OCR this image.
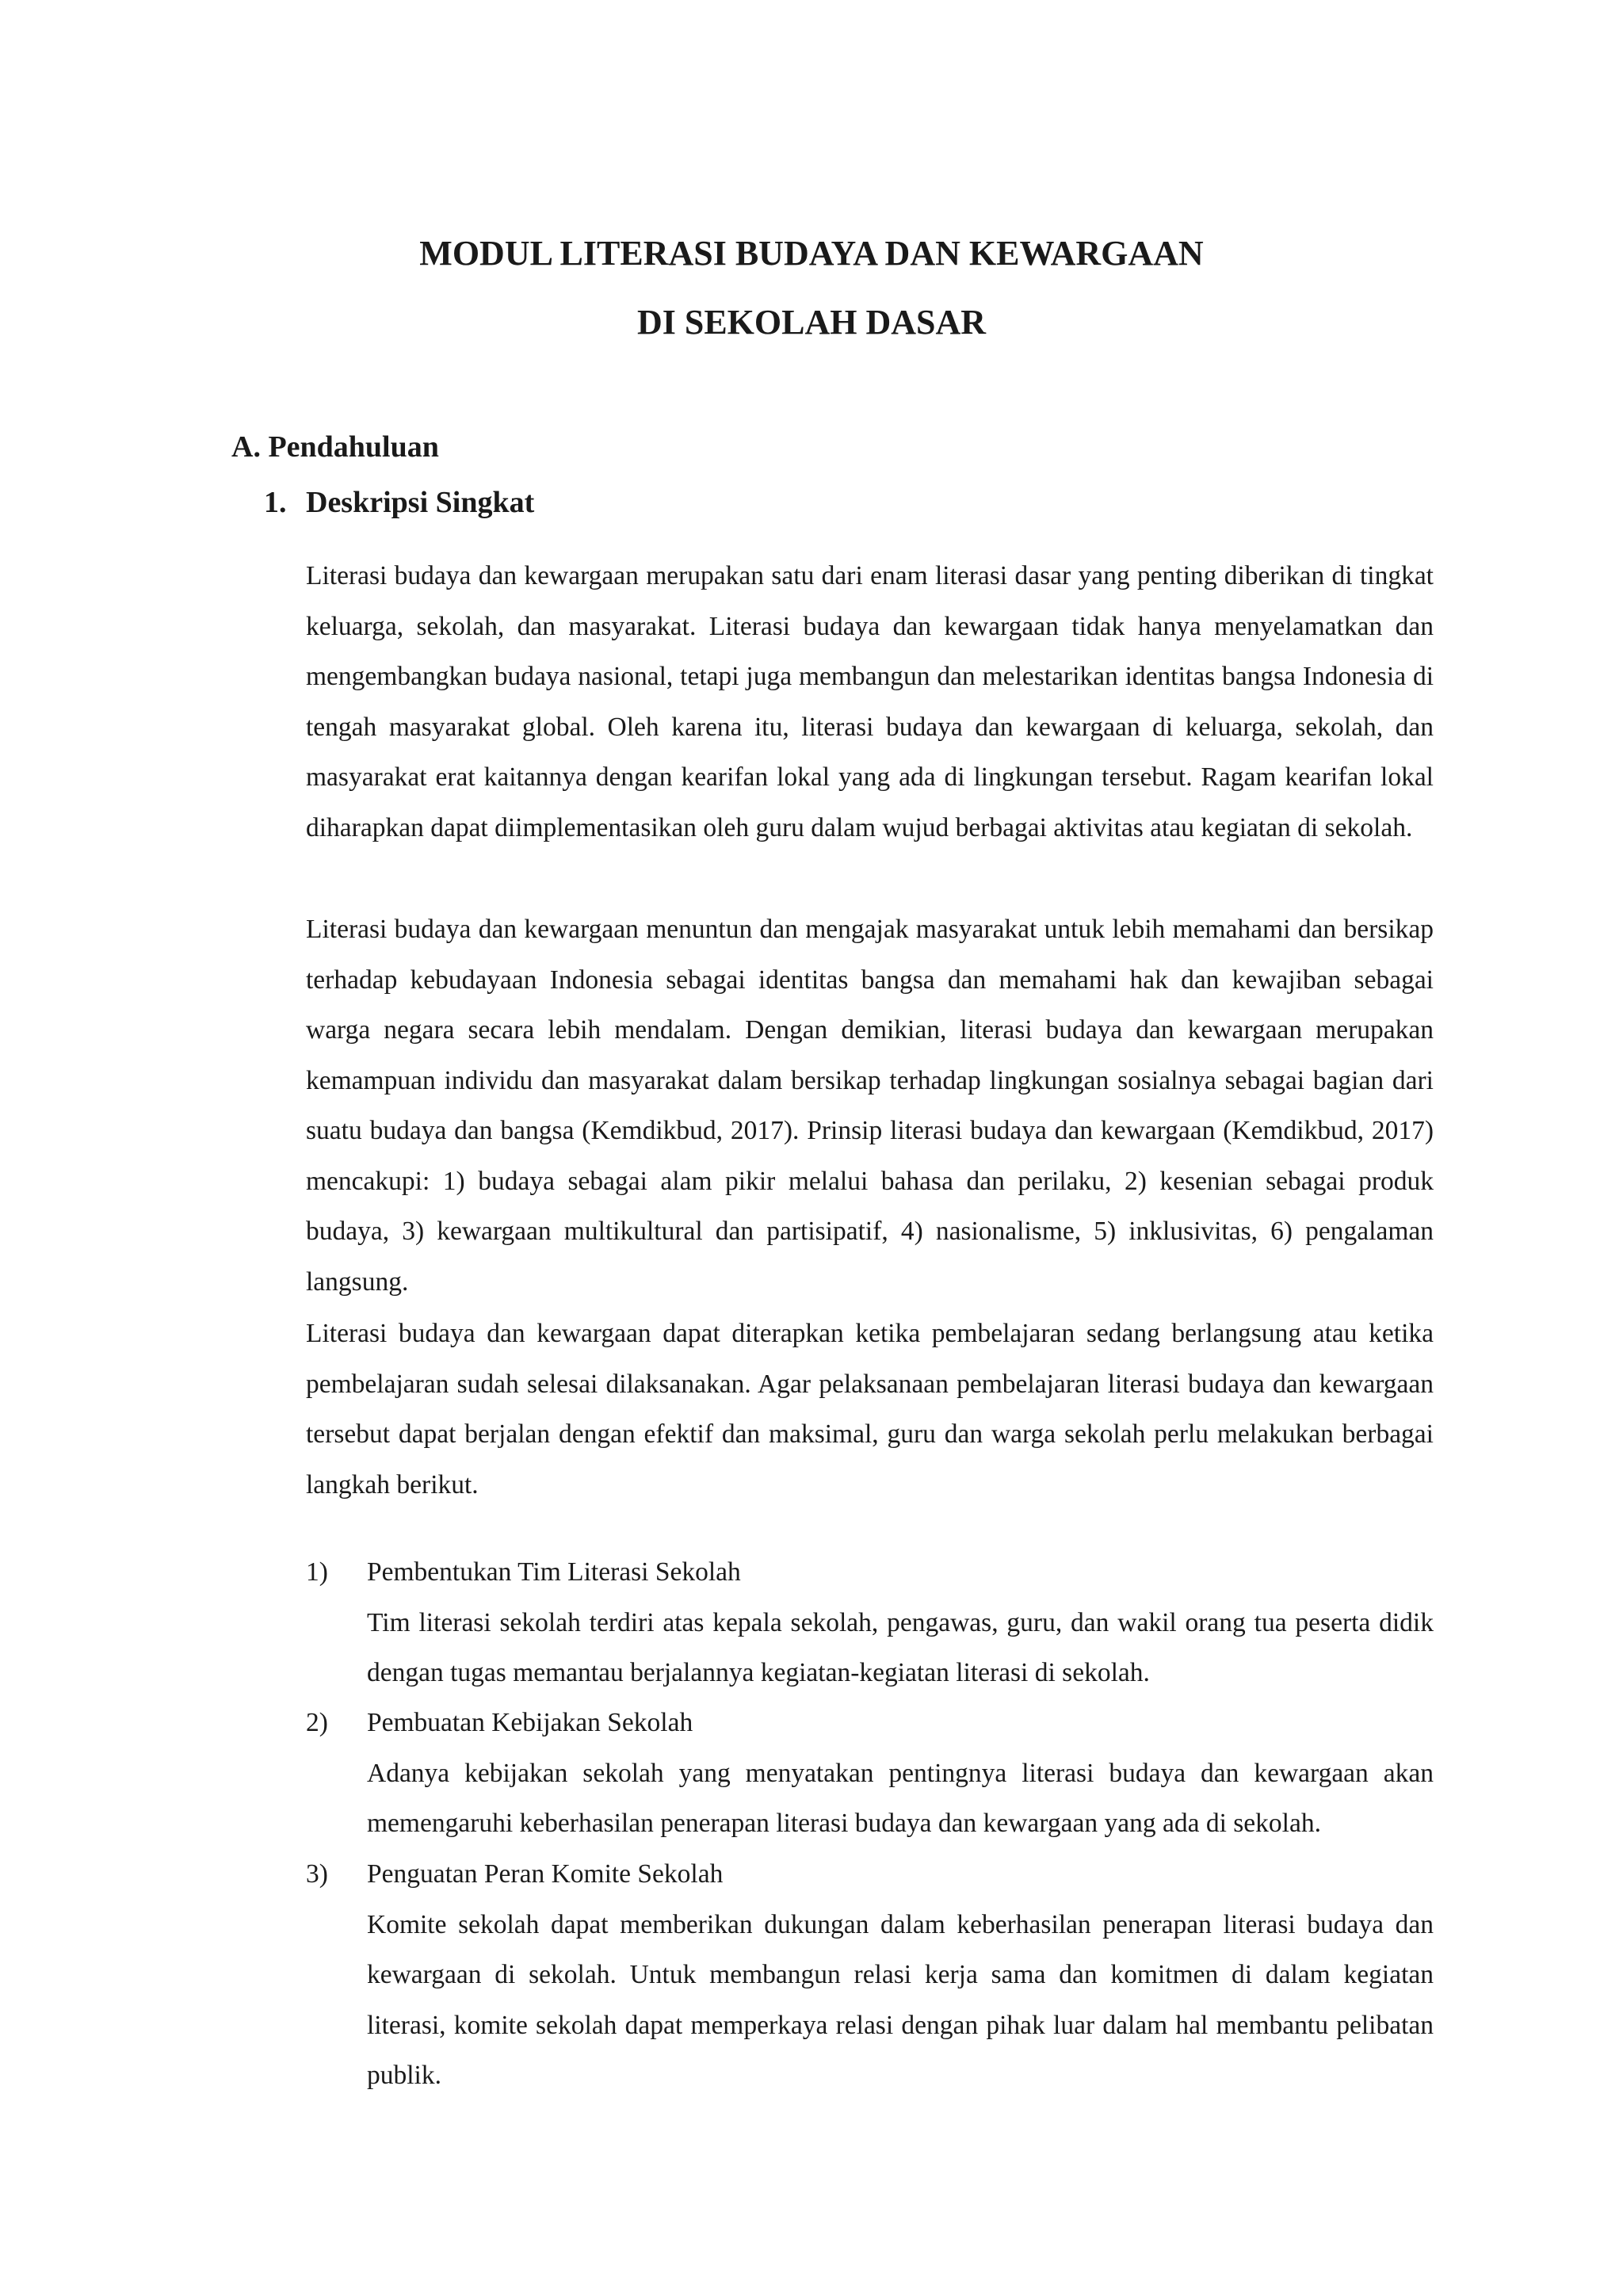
MODUL LITERASI BUDAYA DAN KEWARGAAN
DI SEKOLAH DASAR
A. Pendahuluan
1. Deskripsi Singkat

Literasi budaya dan kewargaan merupakan satu dari enam literasi dasar yang penting diberikan di tingkat keluarga, sekolah, dan masyarakat. Literasi budaya dan kewargaan tidak hanya menyelamatkan dan mengembangkan budaya nasional, tetapi juga membangun dan melestarikan identitas bangsa Indonesia di tengah masyarakat global. Oleh karena itu, literasi budaya dan kewargaan di keluarga, sekolah, dan masyarakat erat kaitannya dengan kearifan lokal yang ada di lingkungan tersebut. Ragam kearifan lokal diharapkan dapat diimplementasikan oleh guru dalam wujud berbagai aktivitas atau kegiatan di sekolah.

Literasi budaya dan kewargaan menuntun dan mengajak masyarakat untuk lebih memahami dan bersikap terhadap kebudayaan Indonesia sebagai identitas bangsa dan memahami hak dan kewajiban sebagai warga negara secara lebih mendalam. Dengan demikian, literasi budaya dan kewargaan merupakan kemampuan individu dan masyarakat dalam bersikap terhadap lingkungan sosialnya sebagai bagian dari suatu budaya dan bangsa (Kemdikbud, 2017). Prinsip literasi budaya dan kewargaan (Kemdikbud, 2017) mencakupi: 1) budaya sebagai alam pikir melalui bahasa dan perilaku, 2) kesenian sebagai produk budaya, 3) kewargaan multikultural dan partisipatif, 4) nasionalisme, 5) inklusivitas, 6) pengalaman langsung.

Literasi budaya dan kewargaan dapat diterapkan ketika pembelajaran sedang berlangsung atau ketika pembelajaran sudah selesai dilaksanakan. Agar pelaksanaan pembelajaran literasi budaya dan kewargaan tersebut dapat berjalan dengan efektif dan maksimal, guru dan warga sekolah perlu melakukan berbagai langkah berikut.

1) Pembentukan Tim Literasi Sekolah

Tim literasi sekolah terdiri atas kepala sekolah, pengawas, guru, dan wakil orang tua peserta didik dengan tugas memantau berjalannya kegiatan-kegiatan literasi di sekolah.

2) Pembuatan Kebijakan Sekolah

Adanya kebijakan sekolah yang menyatakan pentingnya literasi budaya dan kewargaan akan memengaruhi keberhasilan penerapan literasi budaya dan kewargaan yang ada di sekolah.

3) Penguatan Peran Komite Sekolah

Komite sekolah dapat memberikan dukungan dalam keberhasilan penerapan literasi budaya dan kewargaan di sekolah. Untuk membangun relasi kerja sama dan komitmen di dalam kegiatan literasi, komite sekolah dapat memperkaya relasi dengan pihak luar dalam hal membantu pelibatan publik.
